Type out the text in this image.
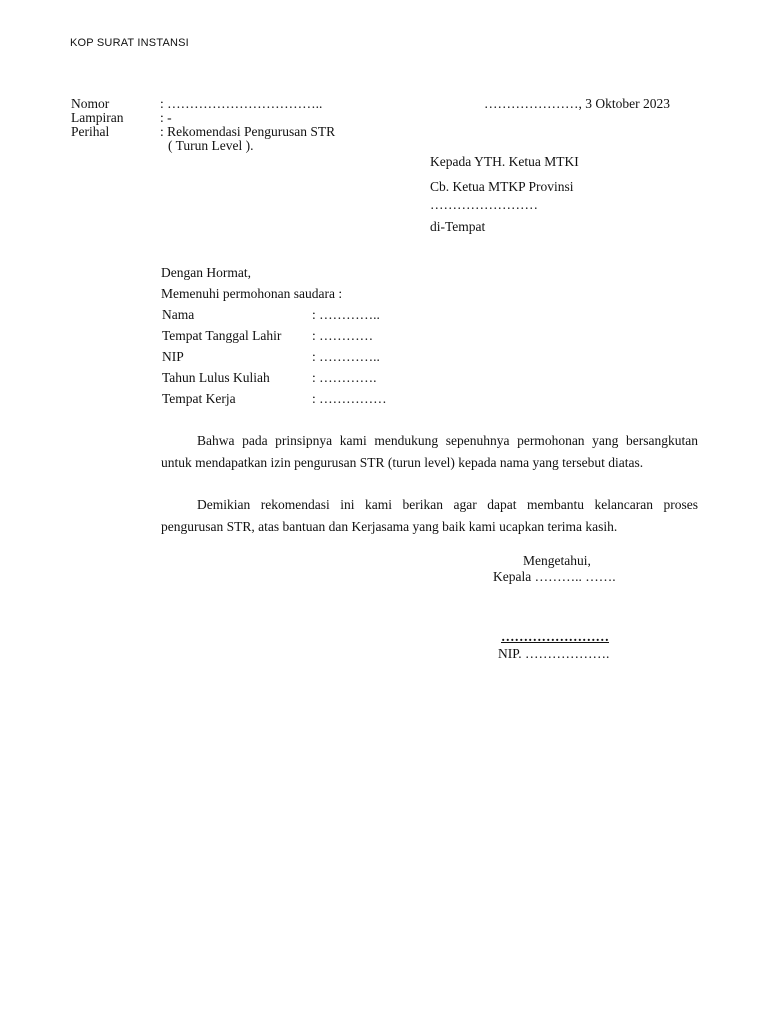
KOP SURAT INSTANSI
Nomor	: ……………………………..	…………………, 3 Oktober 2023
Lampiran	: -
Perihal	: Rekomendasi Pengurusan STR
( Turun Level ).
Kepada YTH. Ketua MTKI
Cb. Ketua MTKP Provinsi
……………………
di-Tempat
Dengan Hormat,
Memenuhi permohonan saudara :
Nama	: …………..
Tempat Tanggal Lahir : …………
NIP	: …………..
Tahun Lulus Kuliah	: ………….
Tempat Kerja	: ……………
Bahwa pada prinsipnya kami mendukung sepenuhnya permohonan yang bersangkutan untuk mendapatkan izin pengurusan STR (turun level) kepada nama yang tersebut diatas.
Demikian rekomendasi ini kami berikan agar dapat membantu kelancaran proses pengurusan STR, atas bantuan dan Kerjasama yang baik kami ucapkan terima kasih.
Mengetahui,
Kepala ……….. …….
……………………
NIP. ……………….
